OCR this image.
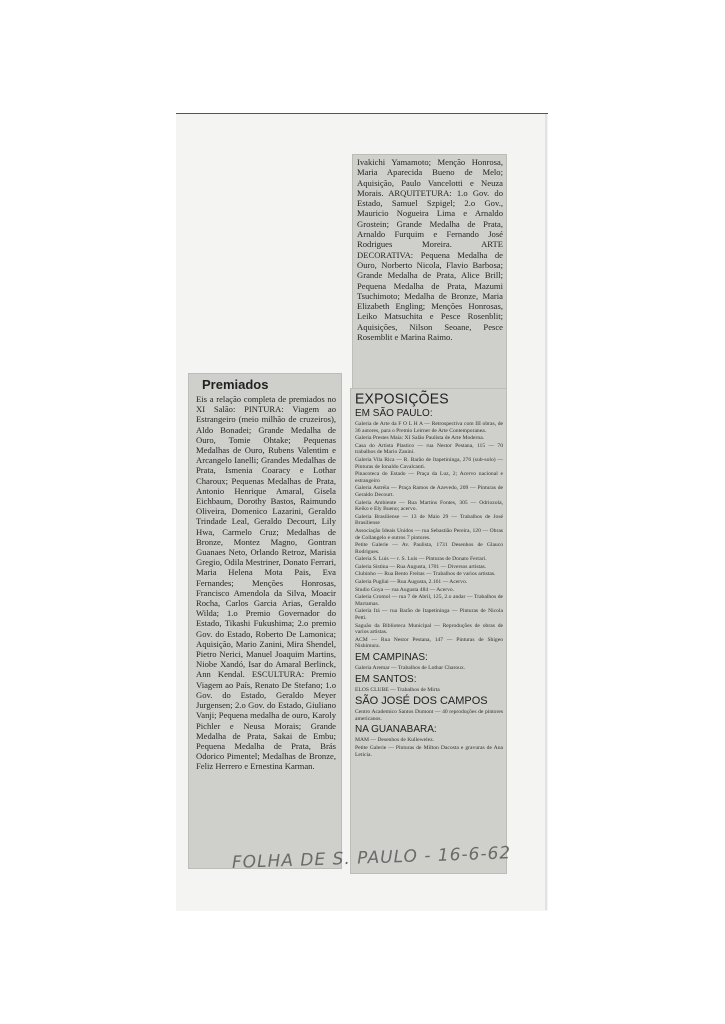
Premiados

Eis a relação completa de premiados no XI Salão: PINTURA: Viagem ao Estrangeiro (meio milhão de cruzeiros), Aldo Bonadei; Grande Medalha de Ouro, Tomie Ohtake; Pequenas Medalhas de Ouro, Rubens Valentim e Arcangelo Ianelli; Grandes Medalhas de Prata, Ismenia Coaracy e Lothar Charoux; Pequenas Medalhas de Prata, Antonio Henrique Amaral, Gisela Eichbaum, Dorothy Bastos, Raimundo Oliveira, Domenico Lazarini, Geraldo Trindade Leal, Geraldo Decourt, Lily Hwa, Carmelo Cruz; Medalhas de Bronze, Montez Magno, Gontran Guanaes Neto, Orlando Retroz, Marisia Gregio, Odila Mestriner, Donato Ferrari, Maria Helena Mota Pais, Eva Fernandes; Menções Honrosas, Francisco Amendola da Silva, Moacir Rocha, Carlos Garcia Arias, Geraldo Wilda; 1.o Premio Governador do Estado, Tikashi Fukushima; 2.o premio Gov. do Estado, Roberto De Lamonica; Aquisição, Mario Zanini, Mira Shendel, Pietro Nerici, Manuel Joaquim Martins, Niobe Xandó, Isar do Amaral Berlinck, Ann Kendal. ESCULTURA: Premio Viagem ao País, Renato De Stefano; 1.o Gov. do Estado, Geraldo Meyer Jurgensen; 2.o Gov. do Estado, Giuliano Vanji; Pequena medalha de ouro, Karoly Pichler e Neusa Morais; Grande Medalha de Prata, Sakai de Embu; Pequena Medalha de Prata, Brás Odorico Pimentel; Medalhas de Bronze, Feliz Herrero e Ernestina Karman.

Ivakichi Yamamoto; Menção Honrosa, Maria Aparecida Bueno de Melo; Aquisição, Paulo Vancelotti e Neuza Morais. ARQUITETURA: 1.o Gov. do Estado, Samuel Szpigel; 2.o Gov., Mauricio Nogueira Lima e Arnaldo Grostein; Grande Medalha de Prata, Arnaldo Furquim e Fernando José Rodrigues Moreira. ARTE DECORATIVA: Pequena Medalha de Ouro, Norberto Nicola, Flavio Barbosa; Grande Medalha de Prata, Alice Brill; Pequena Medalha de Prata, Mazumi Tsuchimoto; Medalha de Bronze, Maria Elizabeth Engling; Menções Honrosas, Leiko Matsuchita e Pesce Rosenblit; Aquisições, Nilson Seoane, Pesce Rosemblit e Marina Raimo.

EXPOSIÇÕES
EM SÃO PAULO:

Galeria de Arte da F O L H A — Retrospectiva com III obras, de 36 autores, para o Premio Leirner de Arte Contemporanea.

Galeria Prestes Maia: XI Salão Paulista de Arte Moderna.

Casa do Artista Plastico — rua Nestor Pestana, 115 — 70 trabalhos de Mario Zanini.

Galeria Vila Rica — R. Barão de Itapetininga, 276 (sub-solo) — Pinturas de Ionaldo Cavalcanti.

Pinacoteca do Estado — Praça da Luz, 2; Acervo nacional e estrangeiro

Galeria Astréia — Praça Ramos de Azevedo, 209 — Pinturas de Geraldo Decourt.

Galeria Ambiente — Rua Martins Fontes, 305 — Odriozola, Keiko e Ely Bueno; acervo.

Galeria Brasiliense — 13 de Maio 29 — Trabalhos de José Brasiliense

Associação Ideais Unidos — rua Sebastião Pereira, 120 — Obras de Collangelo e outros 7 pintores.

Petite Galerie — Av. Paulista, 1731 Desenhos de Glauco Rodrigues.

Galeria S. Luis — r. S. Luis — Pinturas de Donato Ferrari.

Galeria Sistina — Rua Augusta, 1701 — Diversos artistas.

Clubinho — Rua Bento Freitas — Trabalhos de varios artistas.

Galeria Pugliai — Rua Augusta, 2.161 — Acervo.

Studio Goya — rua Augusta 484 — Acervo.

Galeria Cromol — rua 7 de Abril, 125, 2.o andar — Trabalhos de Marramas.

Galeria Itá — rua Barão de Itapetininga — Pinturas de Nicola Petti.

Saguão da Biblioteca Municipal — Reproduções de obras de varios artistas.

ACM — Rua Nestor Pestana, 147 — Pinturas de Shigeo Nishimura.

EM CAMPINAS:

Galeria Aremar — Trabalhos de Lothar Charoux.

EM SANTOS:

ELOS CLUBE — Trabalhos de Mirta

SÃO JOSÉ DOS CAMPOS

Centro Academico Santos Dumont — 40 reproduções de pintores americanos.

NA GUANABARA:

MAM — Desenhos de Kullewelez.

Petite Galerie — Pinturas de Milton Dacosta e gravuras de Ana Leticia.

FOLHA DE S. PAULO - 16-6-62
